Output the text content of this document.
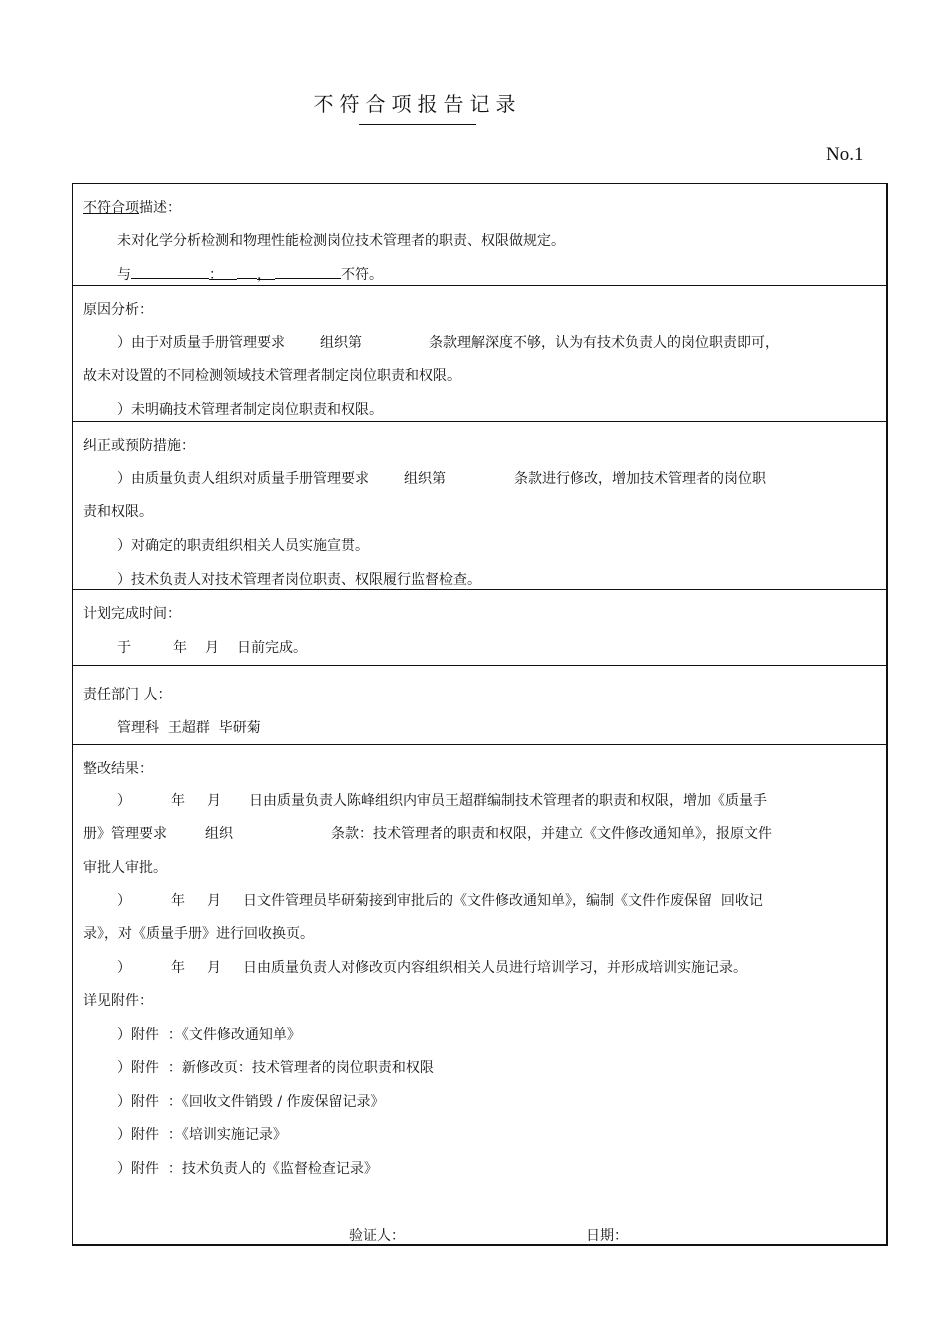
不符合项报告记录
No.1
不符合项描述：
未对化学分析检测和物理性能检测岗位技术管理者的职责、权限做规定。
与	： ，	不符。
原因分析：
）由于对质量手册管理要求	组织第	条款理解深度不够，认为有技术负责人的岗位职责即可，
故未对设置的不同检测领域技术管理者制定岗位职责和权限。
）未明确技术管理者制定岗位职责和权限。
纠正或预防措施：
）由质量负责人组织对质量手册管理要求	组织第	条款进行修改，增加技术管理者的岗位职
责和权限。
）对确定的职责组织相关人员实施宣贯。
）技术负责人对技术管理者岗位职责、权限履行监督检查。
计划完成时间：
于	年 月 日前完成。
责任部门 人：
管理科  王超群  毕研菊
整改结果：
）	年 月 日由质量负责人陈峰组织内审员王超群编制技术管理者的职责和权限，增加《质量手
册》管理要求	组织	条款：技术管理者的职责和权限，并建立《文件修改通知单》，报原文件
审批人审批。
）	年 月 日文件管理员毕研菊接到审批后的《文件修改通知单》，编制《文件作废保留  回收记
录》，对《质量手册》进行回收换页。
）	年 月 日由质量负责人对修改页内容组织相关人员进行培训学习，并形成培训实施记录。
详见附件：
）附件  ：《文件修改通知单》
）附件  ：新修改页：技术管理者的岗位职责和权限
）附件  ：《回收文件销毁 / 作废保留记录》
）附件  ：《培训实施记录》
）附件  ：技术负责人的《监督检查记录》
验证人：	日期：
